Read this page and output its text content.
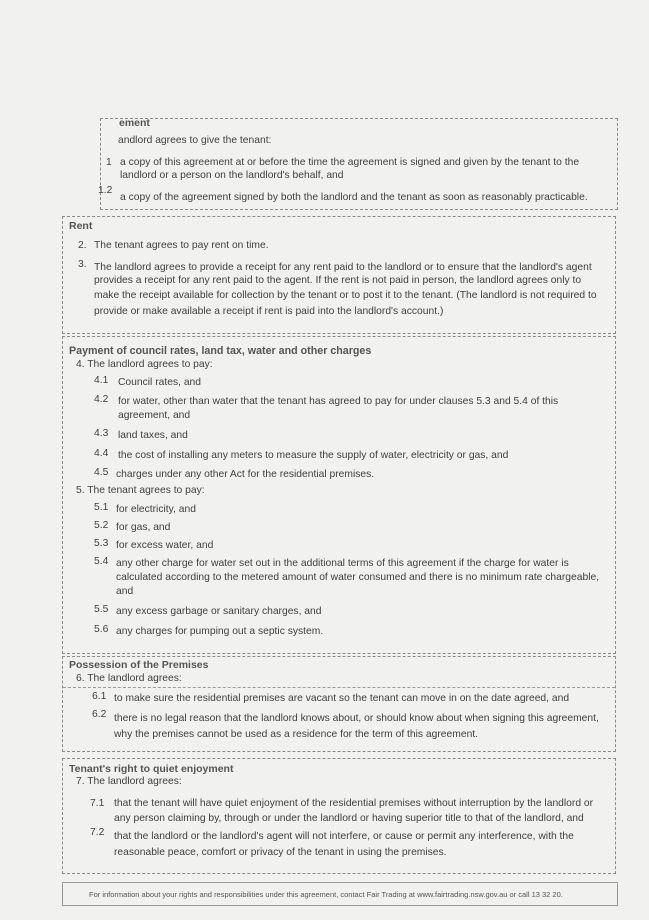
ement
andlord agrees to give the tenant:
1 a copy of this agreement at or before the time the agreement is signed and given by the tenant to the
landlord or a person on the landlord's behalf, and
1.2
a copy of the agreement signed by both the landlord and the tenant as soon as reasonably practicable.
Rent
2. The tenant agrees to pay rent on time.
3. The landlord agrees to provide a receipt for any rent paid to the landlord or to ensure that the landlord's agent
provides a receipt for any rent paid to the agent. If the rent is not paid in person, the landlord agrees only to
make the receipt available for collection by the tenant or to post it to the tenant. (The landlord is not required to
provide or make available a receipt if rent is paid into the landlord's account.)
Payment of council rates, land tax, water and other charges
4. The landlord agrees to pay:
4.1 Council rates, and
4.2 for water, other than water that the tenant has agreed to pay for under clauses 5.3 and 5.4 of this
agreement, and
4.3 land taxes, and
4.4 the cost of installing any meters to measure the supply of water, electricity or gas, and
4.5 charges under any other Act for the residential premises.
5. The tenant agrees to pay:
5.1 for electricity, and
5.2 for gas, and
5.3 for excess water, and
5.4 any other charge for water set out in the additional terms of this agreement if the charge for water is
calculated according to the metered amount of water consumed and there is no minimum rate chargeable,
and
5.5 any excess garbage or sanitary charges, and
5.6 any charges for pumping out a septic system.
Possession of the Premises
6. The landlord agrees:
6.1 to make sure the residential premises are vacant so the tenant can move in on the date agreed, and
6.2 there is no legal reason that the landlord knows about, or should know about when signing this agreement,
why the premises cannot be used as a residence for the term of this agreement.
Tenant's right to quiet enjoyment
7. The landlord agrees:
7.1 that the tenant will have quiet enjoyment of the residential premises without interruption by the landlord or
any person claiming by, through or under the landlord or having superior title to that of the landlord, and
7.2 that the landlord or the landlord's agent will not interfere, or cause or permit any interference, with the
reasonable peace, comfort or privacy of the tenant in using the premises.
For information about your rights and responsibilities under this agreement, contact Fair Trading at www.fairtrading.nsw.gov.au or call 13 32 20.
